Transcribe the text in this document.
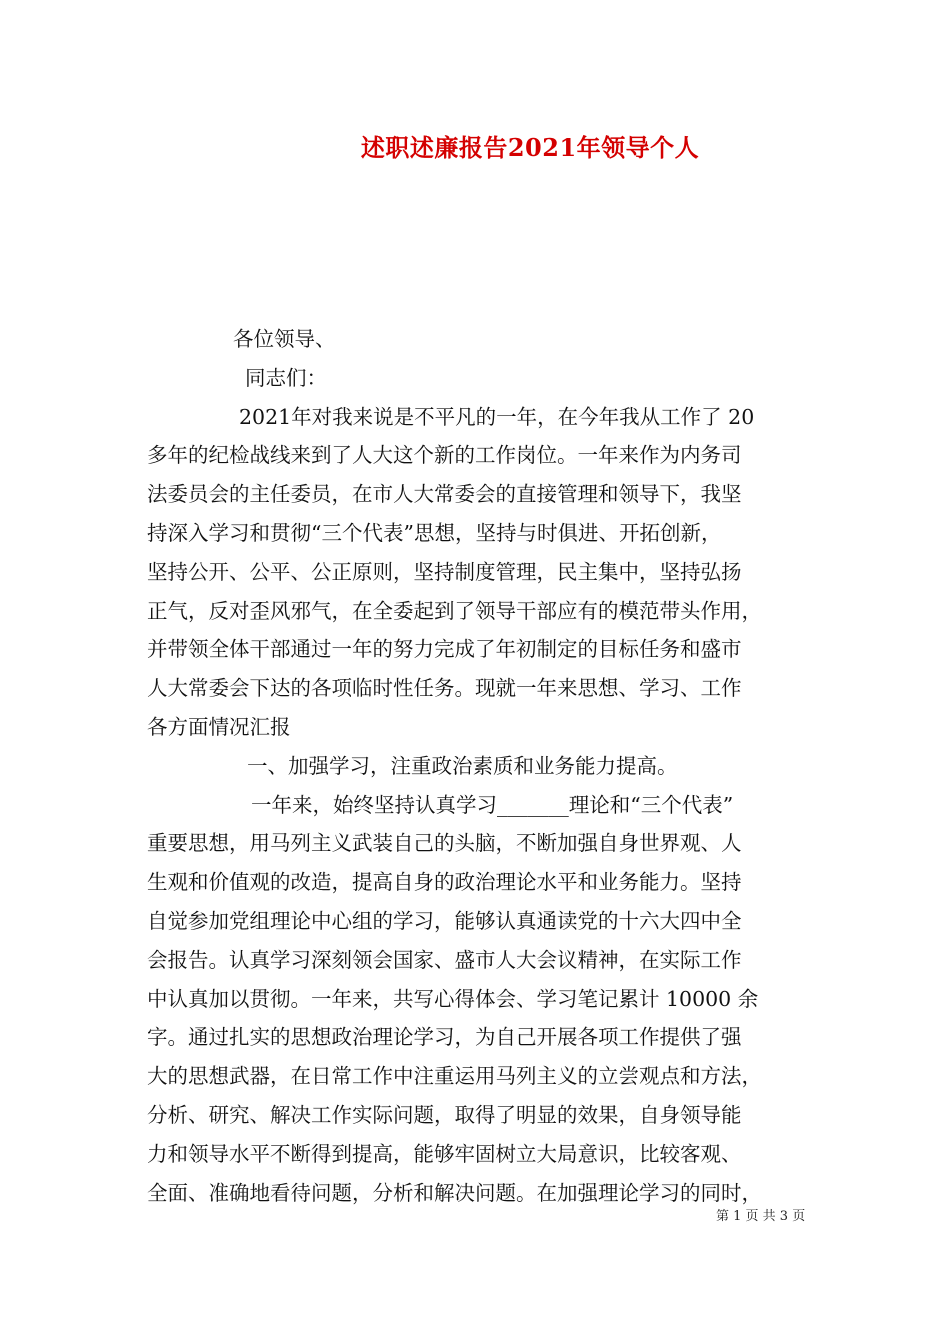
述职述廉报告2021年领导个人
各位领导、
同志们：
2021年对我来说是不平凡的一年，在今年我从工作了 20
多年的纪检战线来到了人大这个新的工作岗位。一年来作为内务司
法委员会的主任委员，在市人大常委会的直接管理和领导下，我坚
持深入学习和贯彻“三个代表”思想，坚持与时俱进、开拓创新，
坚持公开、公平、公正原则，坚持制度管理，民主集中，坚持弘扬
正气，反对歪风邪气，在全委起到了领导干部应有的模范带头作用，
并带领全体干部通过一年的努力完成了年初制定的目标任务和盛市
人大常委会下达的各项临时性任务。现就一年来思想、学习、工作
各方面情况汇报
一、加强学习，注重政治素质和业务能力提高。
一年来，始终坚持认真学习_______理论和“三个代表”
重要思想，用马列主义武装自己的头脑，不断加强自身世界观、人
生观和价值观的改造，提高自身的政治理论水平和业务能力。坚持
自觉参加党组理论中心组的学习，能够认真通读党的十六大四中全
会报告。认真学习深刻领会国家、盛市人大会议精神，在实际工作
中认真加以贯彻。一年来，共写心得体会、学习笔记累计 10000 余
字。通过扎实的思想政治理论学习，为自己开展各项工作提供了强
大的思想武器，在日常工作中注重运用马列主义的立尝观点和方法，
分析、研究、解决工作实际问题，取得了明显的效果，自身领导能
力和领导水平不断得到提高，能够牢固树立大局意识，比较客观、
全面、准确地看待问题，分析和解决问题。在加强理论学习的同时，
第 1 页 共 3 页
